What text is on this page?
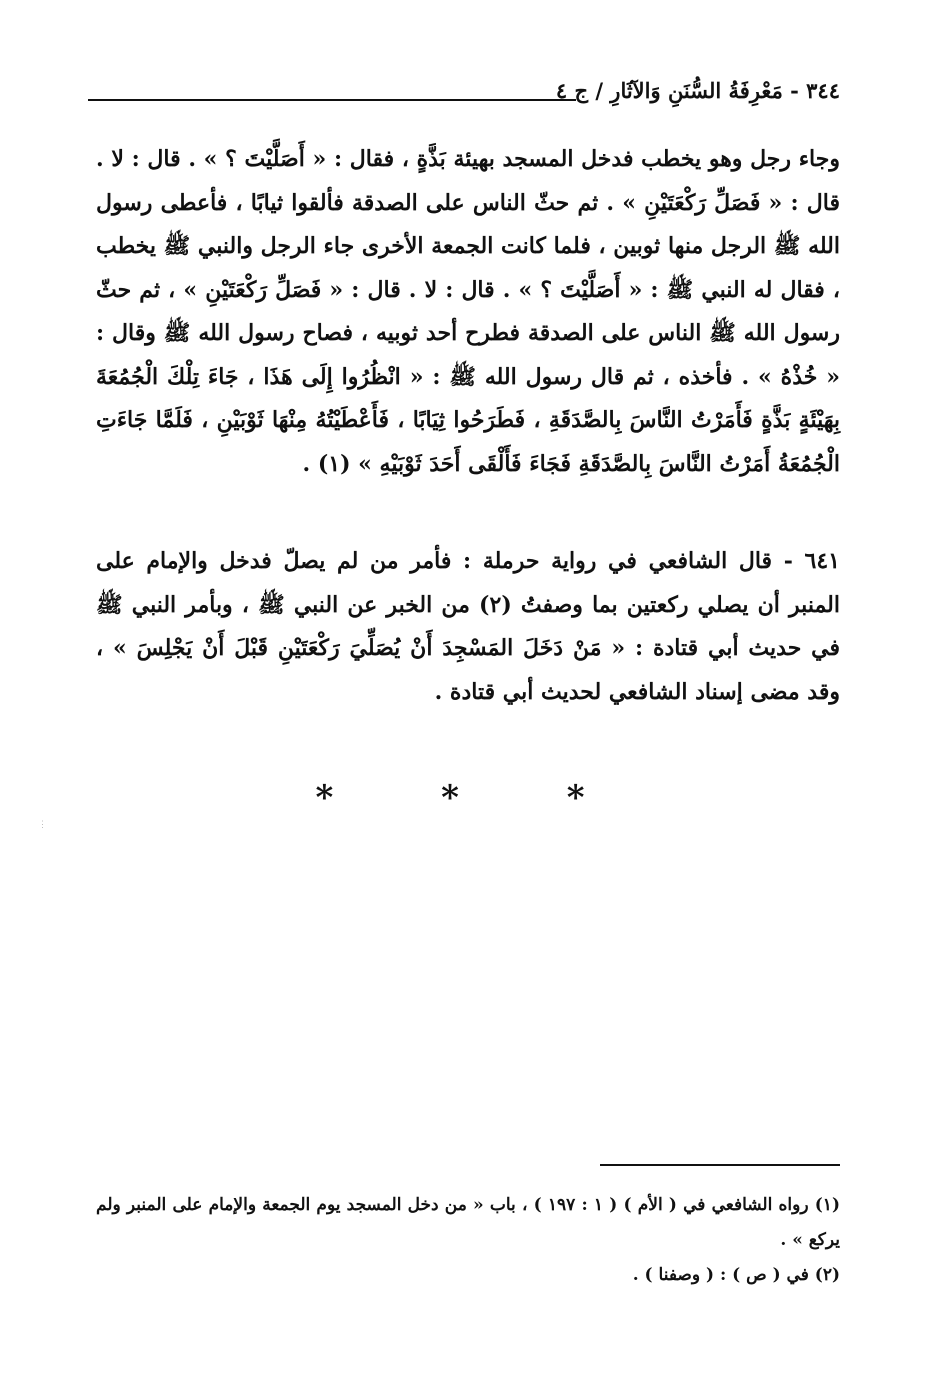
٣٤٤ - مَعْرِفَةُ السُّنَنِ وَالآثَارِ / ج ٤

وجاء رجل وهو يخطب فدخل المسجد بهيئة بَذَّةٍ ، فقال : « أَصَلَّيْتَ ؟ » . قال : لا . قال : « فَصَلِّ رَكْعَتَيْنِ » . ثم حثّ الناس على الصدقة فألقوا ثيابًا ، فأعطى رسول الله ﷺ الرجل منها ثوبين ، فلما كانت الجمعة الأخرى جاء الرجل والنبي ﷺ يخطب ، فقال له النبي ﷺ : « أَصَلَّيْتَ ؟ » . قال : لا . قال : « فَصَلِّ رَكْعَتَيْنِ » ، ثم حثّ رسول الله ﷺ الناس على الصدقة فطرح أحد ثوبيه ، فصاح رسول الله ﷺ وقال : « خُذْهُ » . فأخذه ، ثم قال رسول الله ﷺ : « انْظُرُوا إِلَى هَذَا ، جَاءَ تِلْكَ الْجُمُعَةَ بِهَيْئَةٍ بَذَّةٍ فَأَمَرْتُ النَّاسَ بِالصَّدَقَةِ ، فَطَرَحُوا ثِيَابًا ، فَأَعْطَيْتُهُ مِنْهَا ثَوْبَيْنِ ، فَلَمَّا جَاءَتِ الْجُمُعَةُ أَمَرْتُ النَّاسَ بِالصَّدَقَةِ فَجَاءَ فَأَلْقَى أَحَدَ ثَوْبَيْهِ » (١) .

٦٤١ - قال الشافعي في رواية حرملة : فأمر من لم يصلّ فدخل والإمام على المنبر أن يصلي ركعتين بما وصفتُ (٢) من الخبر عن النبي ﷺ ، وبأمر النبي ﷺ في حديث أبي قتادة : « مَنْ دَخَلَ المَسْجِدَ أَنْ يُصَلِّيَ رَكْعَتَيْنِ قَبْلَ أَنْ يَجْلِسَ » ، وقد مضى إسناد الشافعي لحديث أبي قتادة .

* * *
⋮

(١) رواه الشافعي في ( الأم ) ( ١ : ١٩٧ ) ، باب « من دخل المسجد يوم الجمعة والإمام على المنبر ولم يركع » .

(٢) في ( ص ) : ( وصفنا ) .
